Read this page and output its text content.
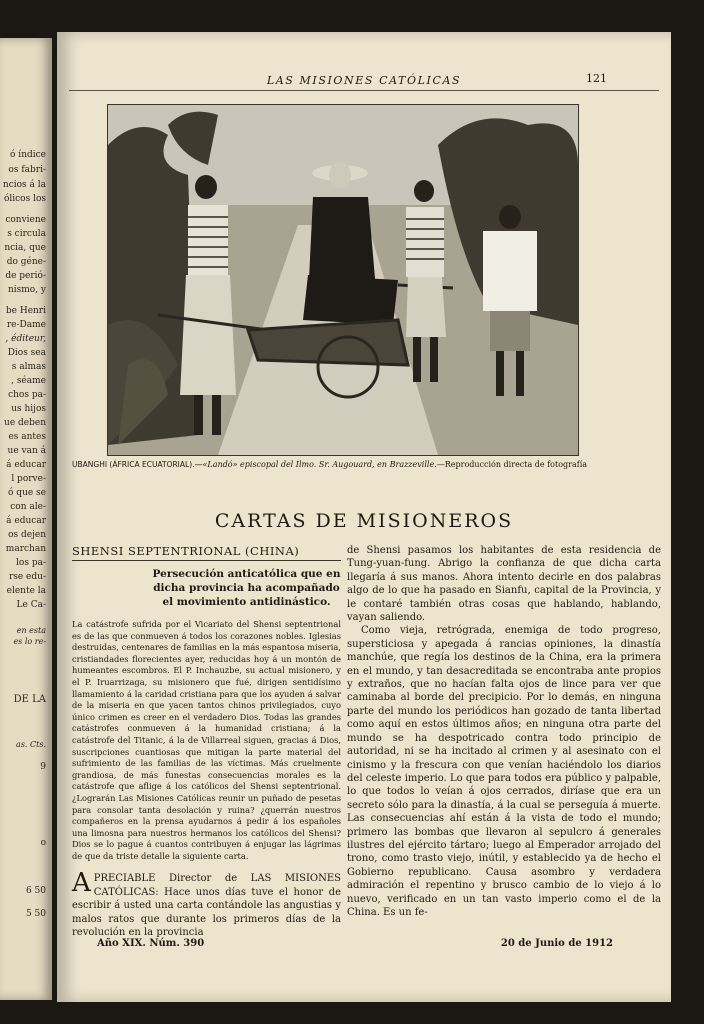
ó índice
os fabri-
ncios á la
ólicos los
conviene
s circula
ncia, que
do géne-
de perió-
nismo, y
be Henri
re-Dame
, éditeur,
Dios sea
s almas
, séame
chos pa-
us hijos
ue deben
es antes
ue van á
á educar
l porve-
ó que se
con ale-
á educar
os dejen
marchan
los pa-
rse edu-
elente la
Le Ca-
en esta
es lo re-
DE LA
as. Cts.
9
o
6 50
5 50
LAS MISIONES CATÓLICAS	121
UBANGHI (ÁFRICA ECUATORIAL).—«Landó» episcopal del Ilmo. Sr. Augouard, en Brazzeville.—Reproducción directa de fotografía
CARTAS DE MISIONEROS
SHENSI SEPTENTRIONAL (CHINA)
Persecución anticatólica que en dicha provincia ha acompañado el movimiento antidinástico.
La catástrofe sufrida por el Vicariato del Shensi septentrional es de las que conmueven á todos los corazones nobles. Iglesias destruidas, centenares de familias en la más espantosa miseria, cristiandades florecientes ayer, reducidas hoy á un montón de humeantes escombros. El P. Inchauzbe, su actual misionero, y el P. Iruarrizaga, su misionero que fué, dirigen sentidísimo llamamiento á la caridad cristiana para que los ayuden á salvar de la miseria en que yacen tantos chinos privilegiados, cuyo único crimen es creer en el verdadero Dios. Todas las grandes catástrofes conmueven á la humanidad cristiana; á la catástrofe del Titanic, á la de Villarreal siguen, gracias á Dios, suscripciones cuantiosas que mitigan la parte material del sufrimiento de las familias de las víctimas. Más cruelmente grandiosa, de más funestas consecuencias morales es la catástrofe que aflige á los católicos del Shensi septentrional. ¿Lograrán Las Misiones Católicas reunir un puñado de pesetas para consolar tanta desolación y ruina? ¿querrán nuestros compañeros en la prensa ayudarnos á pedir á los españoles una limosna para nuestros hermanos los católicos del Shensi? Dios se lo pague á cuantos contribuyen á enjugar las lágrimas de que da triste detalle la siguiente carta.
APRECIABLE Director de LAS MISIONES CATÓLICAS: Hace unos días tuve el honor de escribir á usted una carta contándole las angustias y malos ratos que durante los primeros días de la revolución en la provincia

de Shensi pasamos los habitantes de esta residencia de Tung-yuan-fung. Abrigo la confianza de que dicha carta llegaría á sus manos. Ahora intento decirle en dos palabras algo de lo que ha pasado en Sianfu, capital de la Provincia, y le contaré también otras cosas que hablando, hablando, vayan saliendo.

Como vieja, retrógrada, enemiga de todo progreso, supersticiosa y apegada á rancias opiniones, la dinastía manchúe, que regía los destinos de la China, era la primera en el mundo, y tan desacreditada se encontraba ante propios y extraños, que no hacían falta ojos de lince para ver que caminaba al borde del precipicio. Por lo demás, en ninguna parte del mundo los periódicos han gozado de tanta libertad como aquí en estos últimos años; en ninguna otra parte del mundo se ha despotricado contra todo principio de autoridad, ni se ha incitado al crimen y al asesinato con el cinismo y la frescura con que venían haciéndolo los diarios del celeste imperio. Lo que para todos era público y palpable, lo que todos lo veían á ojos cerrados, diríase que era un secreto sólo para la dinastía, á la cual se perseguía á muerte. Las consecuencias ahí están á la vista de todo el mundo; primero las bombas que llevaron al sepulcro á generales ilustres del ejército tártaro; luego al Emperador arrojado del trono, como trasto viejo, inútil, y establecido ya de hecho el Gobierno republicano. Causa asombro y verdadera admiración el repentino y brusco cambio de lo viejo á lo nuevo, verificado en un tan vasto imperio como el de la China. Es un fe-

Año XIX. Núm. 390	20 de Junio de 1912
